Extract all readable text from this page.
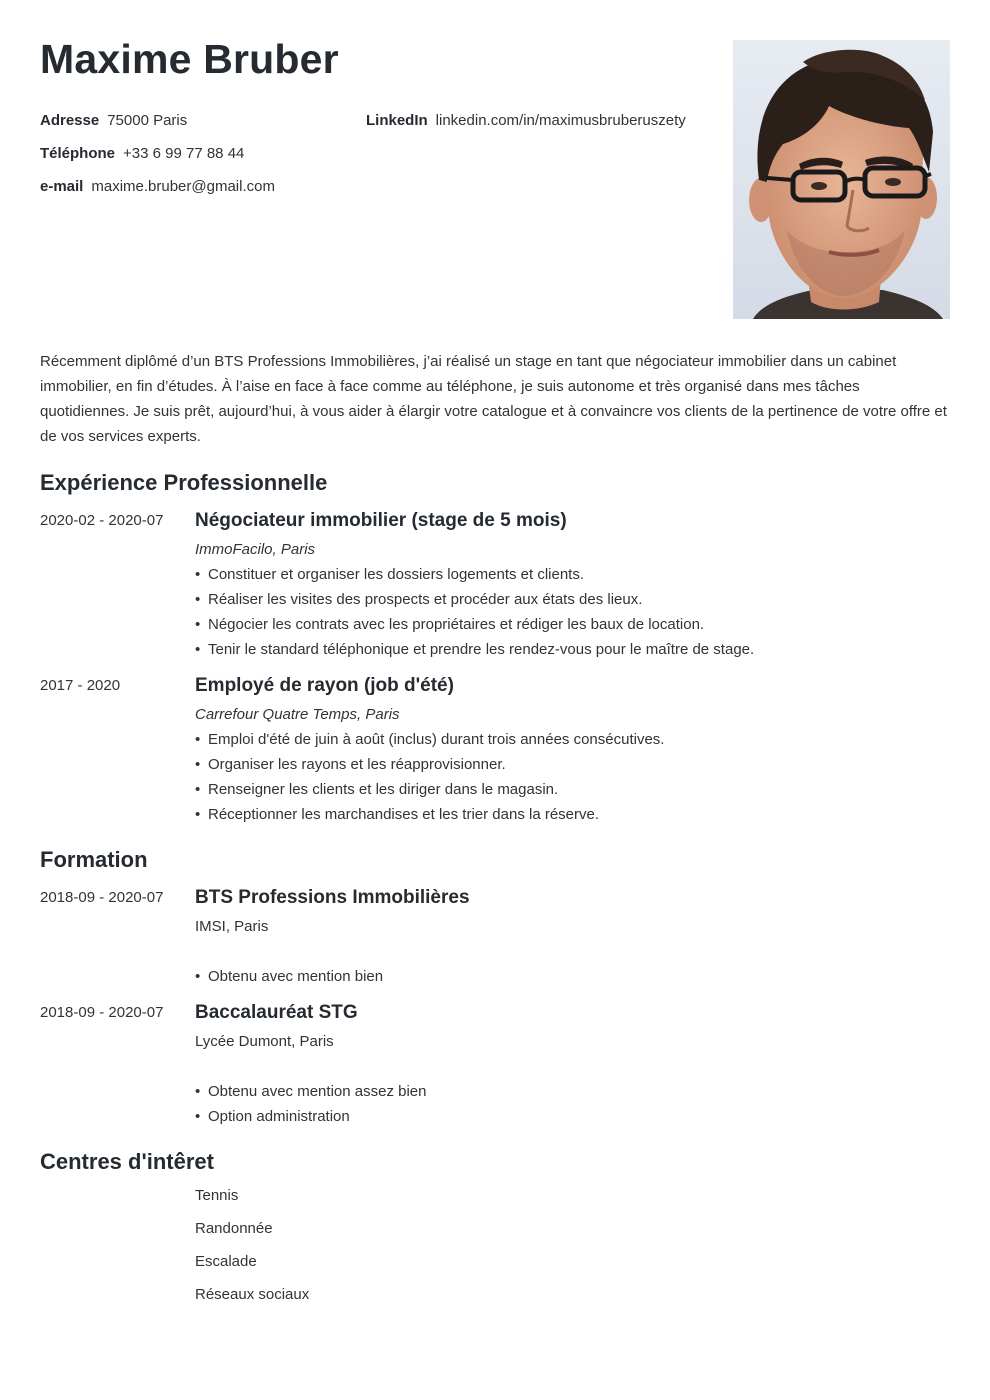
Maxime Bruber
Adresse 75000 Paris
Téléphone +33 6 99 77 88 44
e-mail maxime.bruber@gmail.com
LinkedIn linkedin.com/in/maximusbruberuszety

Récemment diplômé d’un BTS Professions Immobilières, j’ai réalisé un stage en tant que négociateur immobilier dans un cabinet immobilier, en fin d’études. À l’aise en face à face comme au téléphone, je suis autonome et très organisé dans mes tâches quotidiennes. Je suis prêt, aujourd’hui, à vous aider à élargir votre catalogue et à convaincre vos clients de la pertinence de votre offre et de vos services experts.

Expérience Professionnelle
2020-02 - 2020-07 Négociateur immobilier (stage de 5 mois)
ImmoFacilo, Paris
• Constituer et organiser les dossiers logements et clients.
• Réaliser les visites des prospects et procéder aux états des lieux.
• Négocier les contrats avec les propriétaires et rédiger les baux de location.
• Tenir le standard téléphonique et prendre les rendez-vous pour le maître de stage.
2017 - 2020	Employé de rayon (job d'été)
Carrefour Quatre Temps, Paris
• Emploi d'été de juin à août (inclus) durant trois années consécutives.
• Organiser les rayons et les réapprovisionner.
• Renseigner les clients et les diriger dans le magasin.
• Réceptionner les marchandises et les trier dans la réserve.
Formation
2018-09 - 2020-07 BTS Professions Immobilières
IMSI, Paris
• Obtenu avec mention bien
2018-09 - 2020-07 Baccalauréat STG
Lycée Dumont, Paris
• Obtenu avec mention assez bien
• Option administration
Centres d'intêret
Tennis
Randonnée
Escalade
Réseaux sociaux
